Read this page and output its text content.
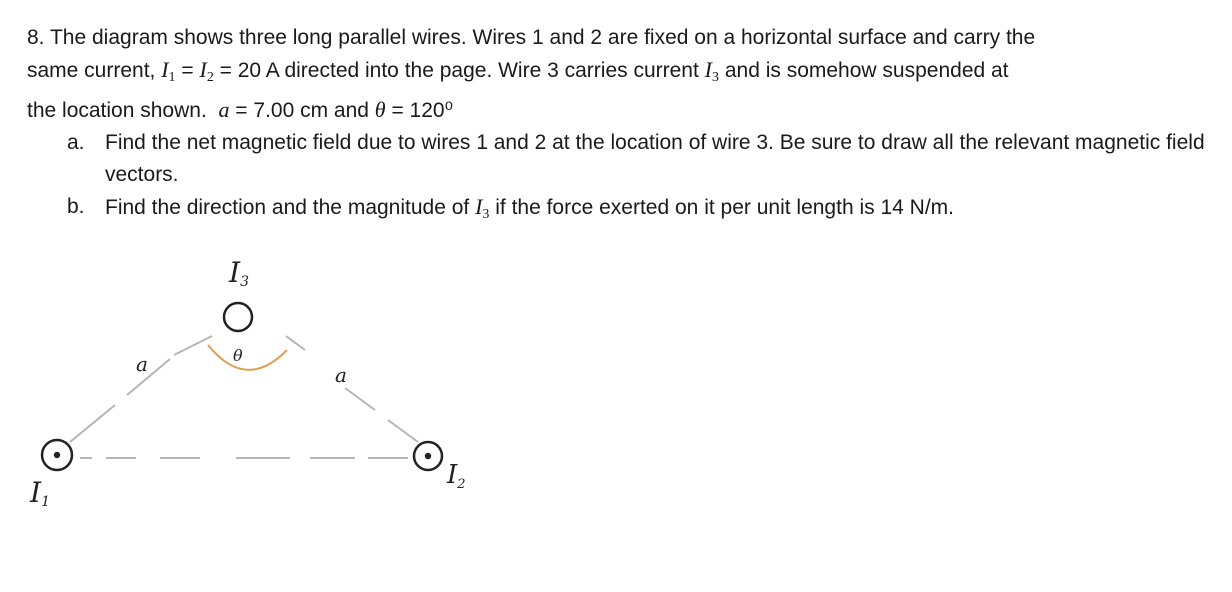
8. The diagram shows three long parallel wires. Wires 1 and 2 are fixed on a horizontal surface and carry the
same current, $I_1 = I_2 = 20$ A directed into the page. Wire 3 carries current $I_3$ and is somehow suspended at
the location shown.  a = 7.00 cm and θ = 120⁰

a. Find the net magnetic field due to wires 1 and 2 at the location of wire 3. Be sure to draw all the relevant magnetic field vectors.
b. Find the direction and the magnitude of $I_3$ if the force exerted on it per unit length is 14 N/m.
θ
I3
a	a
I1
I2
